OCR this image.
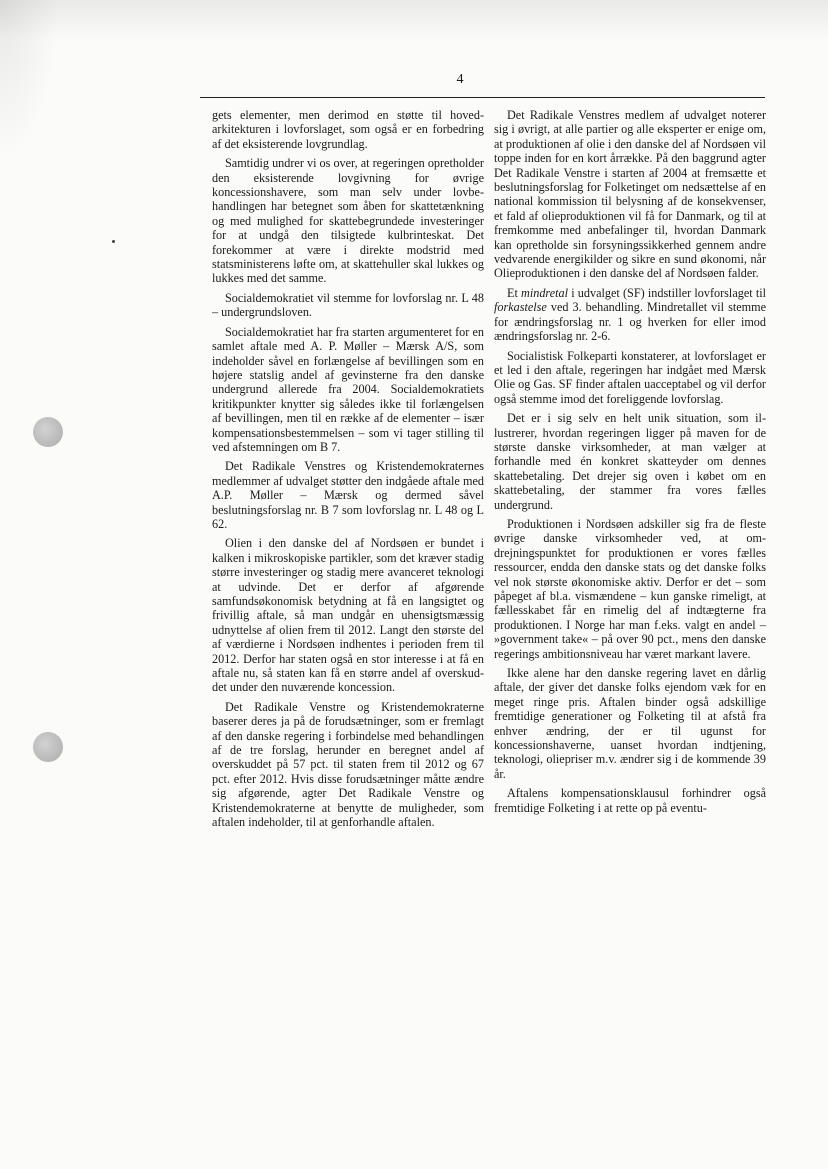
4

gets elementer, men derimod en støtte til hovedarkitekturen i lovforslaget, som også er en forbedring af det eksisterende lovgrundlag.

Samtidig undrer vi os over, at regeringen opretholder den eksisterende lovgivning for øvrige koncessionshavere, som man selv under lovbehandlingen har betegnet som åben for skattetænkning og med mulighed for skattebegrundede investeringer for at undgå den tilsigtede kulbrinteskat. Det forekommer at være i direkte modstrid med statsministerens løfte om, at skattehuller skal lukkes og lukkes med det samme.

Socialdemokratiet vil stemme for lovforslag nr. L 48 – undergrundsloven.

Socialdemokratiet har fra starten argumenteret for en samlet aftale med A. P. Møller – Mærsk A/S, som indeholder såvel en forlængelse af bevillingen som en højere statslig andel af gevinsterne fra den danske undergrund allerede fra 2004. Socialdemokratiets kritikpunkter knytter sig således ikke til forlængelsen af bevillingen, men til en række af de elementer – især kompensationsbestemmelsen – som vi tager stilling til ved afstemningen om B 7.

Det Radikale Venstres og Kristendemokraternes medlemmer af udvalget støtter den indgåede aftale med A.P. Møller – Mærsk og dermed såvel beslutningsforslag nr. B 7 som lovforslag nr. L 48 og L 62.

Olien i den danske del af Nordsøen er bundet i kalken i mikroskopiske partikler, som det kræver stadig større investeringer og stadig mere avanceret teknologi at udvinde. Det er derfor af afgørende samfundsøkonomisk betydning at få en langsigtet og frivillig aftale, så man undgår en uhensigtsmæssig udnyttelse af olien frem til 2012. Langt den største del af værdierne i Nordsøen indhentes i perioden frem til 2012. Derfor har staten også en stor interesse i at få en aftale nu, så staten kan få en større andel af overskuddet under den nuværende koncession.

Det Radikale Venstre og Kristendemokraterne baserer deres ja på de forudsætninger, som er fremlagt af den danske regering i forbindelse med behandlingen af de tre forslag, herunder en beregnet andel af overskuddet på 57 pct. til staten frem til 2012 og 67 pct. efter 2012. Hvis disse forudsætninger måtte ændre sig afgørende, agter Det Radikale Venstre og Kristendemokraterne at benytte de muligheder, som aftalen indeholder, til at genforhandle aftalen.

Det Radikale Venstres medlem af udvalget noterer sig i øvrigt, at alle partier og alle eksperter er enige om, at produktionen af olie i den danske del af Nordsøen vil toppe inden for en kort årrække. På den baggrund agter Det Radikale Venstre i starten af 2004 at fremsætte et beslutningsforslag for Folketinget om nedsættelse af en national kommission til belysning af de konsekvenser, et fald af olieproduktionen vil få for Danmark, og til at fremkomme med anbefalinger til, hvordan Danmark kan opretholde sin forsyningssikkerhed gennem andre vedvarende energikilder og sikre en sund økonomi, når Olieproduktionen i den danske del af Nordsøen falder.

Et mindretal i udvalget (SF) indstiller lovforslaget til forkastelse ved 3. behandling. Mindretallet vil stemme for ændringsforslag nr. 1 og hverken for eller imod ændringsforslag nr. 2-6.

Socialistisk Folkeparti konstaterer, at lovforslaget er et led i den aftale, regeringen har indgået med Mærsk Olie og Gas. SF finder aftalen uacceptabel og vil derfor også stemme imod det foreliggende lovforslag.

Det er i sig selv en helt unik situation, som illustrerer, hvordan regeringen ligger på maven for de største danske virksomheder, at man vælger at forhandle med én konkret skatteyder om dennes skattebetaling. Det drejer sig oven i købet om en skattebetaling, der stammer fra vores fælles undergrund.

Produktionen i Nordsøen adskiller sig fra de fleste øvrige danske virksomheder ved, at omdrejningspunktet for produktionen er vores fælles ressourcer, endda den danske stats og det danske folks vel nok største økonomiske aktiv. Derfor er det – som påpeget af bl.a. vismændene – kun ganske rimeligt, at fællesskabet får en rimelig del af indtægterne fra produktionen. I Norge har man f.eks. valgt en andel – »government take« – på over 90 pct., mens den danske regerings ambitionsniveau har været markant lavere.

Ikke alene har den danske regering lavet en dårlig aftale, der giver det danske folks ejendom væk for en meget ringe pris. Aftalen binder også adskillige fremtidige generationer og Folketing til at afstå fra enhver ændring, der er til ugunst for koncessionshaverne, uanset hvordan indtjening, teknologi, oliepriser m.v. ændrer sig i de kommende 39 år.

Aftalens kompensationsklausul forhindrer også fremtidige Folketing i at rette op på eventu-
